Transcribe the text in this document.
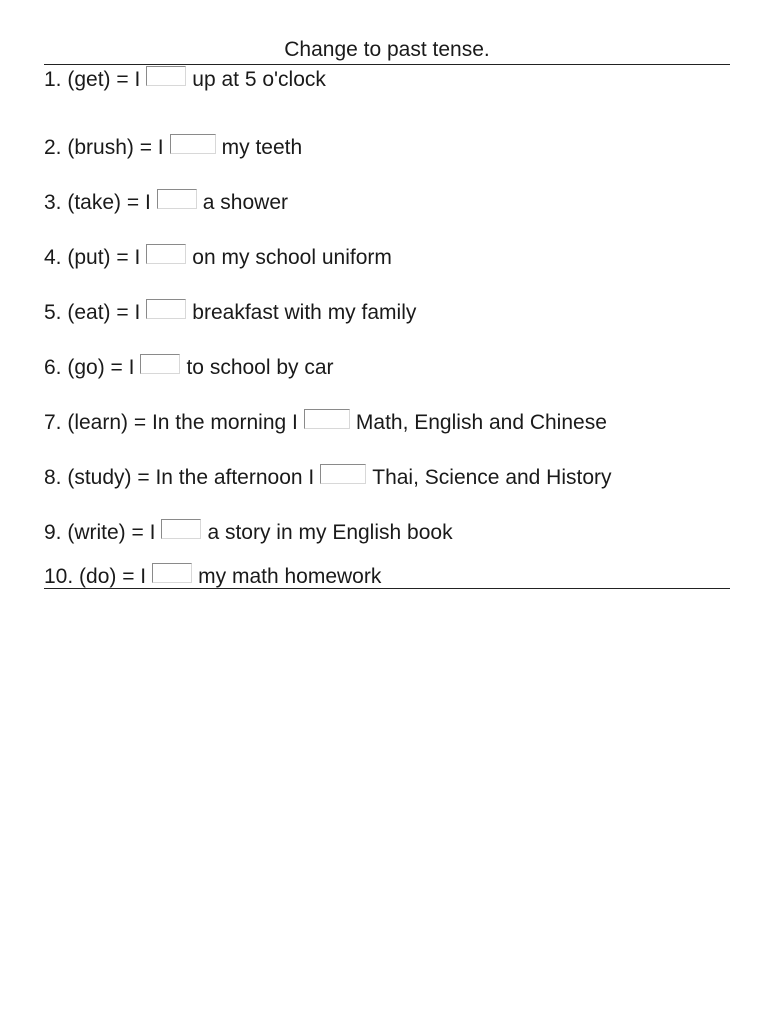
Change to past tense.
1. (get) = I up at 5 o'clock
2. (brush) = I	my teeth
3. (take) = I a shower
4. (put) = I on my school uniform
5. (eat) = I breakfast with my family
6. (go) = I to school by car
7. (learn) = In the morning I	Math, English and Chinese
8. (study) = In the afternoon I	Thai, Science and History
9. (write) = I a story in my English book
10. (do) = I my math homework
